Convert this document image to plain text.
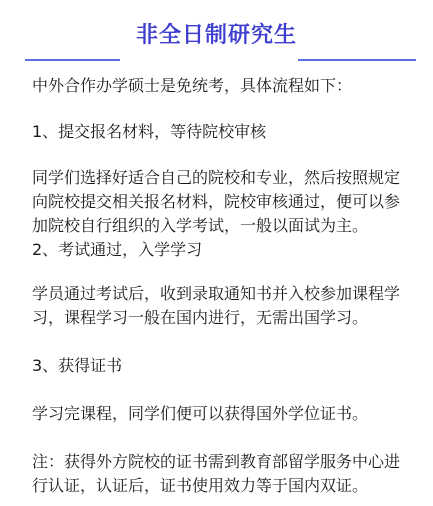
非全日制研究生

中外合作办学硕士是免统考，具体流程如下：

1、提交报名材料，等待院校审核

同学们选择好适合自己的院校和专业，然后按照规定向院校提交相关报名材料，院校审核通过，便可以参加院校自行组织的入学考试，一般以面试为主。

2、考试通过，入学学习

学员通过考试后，收到录取通知书并入校参加课程学习，课程学习一般在国内进行，无需出国学习。

3、获得证书

学习完课程，同学们便可以获得国外学位证书。

注：获得外方院校的证书需到教育部留学服务中心进行认证，认证后，证书使用效力等于国内双证。
